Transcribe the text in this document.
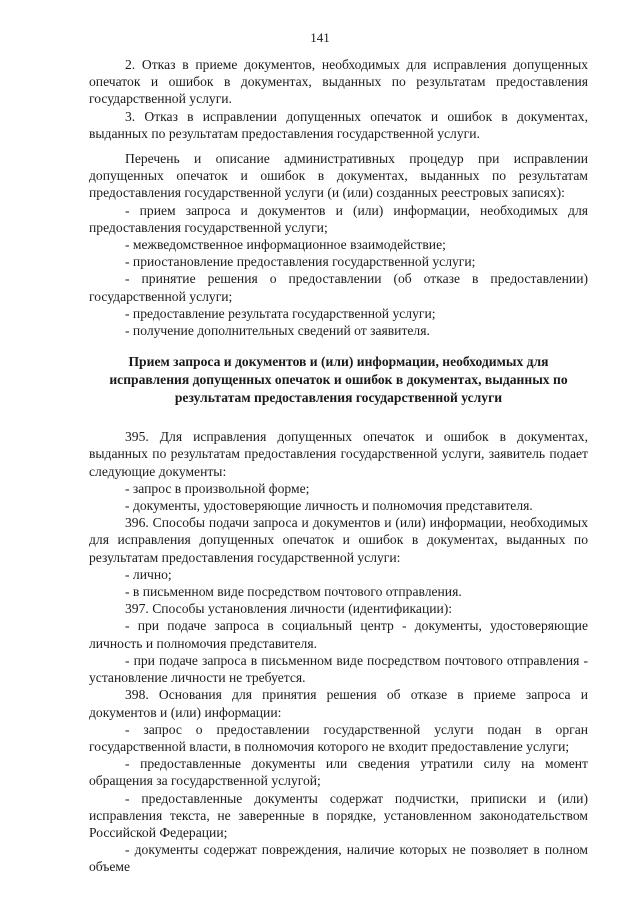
141

2. Отказ в приеме документов, необходимых для исправления допущенных опечаток и ошибок в документах, выданных по результатам предоставления государственной услуги.

3. Отказ в исправлении допущенных опечаток и ошибок в документах, выданных по результатам предоставления государственной услуги.

Перечень и описание административных процедур при исправлении допущенных опечаток и ошибок в документах, выданных по результатам предоставления государственной услуги (и (или) созданных реестровых записях):

- прием запроса и документов и (или) информации, необходимых для предоставления государственной услуги;

- межведомственное информационное взаимодействие;

- приостановление предоставления государственной услуги;

- принятие решения о предоставлении (об отказе в предоставлении) государственной услуги;

- предоставление результата государственной услуги;

- получение дополнительных сведений от заявителя.

Прием запроса и документов и (или) информации, необходимых для
исправления допущенных опечаток и ошибок в документах, выданных по
результатам предоставления государственной услуги

395. Для исправления допущенных опечаток и ошибок в документах, выданных по результатам предоставления государственной услуги, заявитель подает следующие документы:

- запрос в произвольной форме;

- документы, удостоверяющие личность и полномочия представителя.

396. Способы подачи запроса и документов и (или) информации, необходимых для исправления допущенных опечаток и ошибок в документах, выданных по результатам предоставления государственной услуги:

- лично;

- в письменном виде посредством почтового отправления.

397. Способы установления личности (идентификации):

- при подаче запроса в социальный центр - документы, удостоверяющие личность и полномочия представителя.

- при подаче запроса в письменном виде посредством почтового отправления - установление личности не требуется.

398. Основания для принятия решения об отказе в приеме запроса и документов и (или) информации:

- запрос о предоставлении государственной услуги подан в орган государственной власти, в полномочия которого не входит предоставление услуги;

- предоставленные документы или сведения утратили силу на момент обращения за государственной услугой;

- предоставленные документы содержат подчистки, приписки и (или) исправления текста, не заверенные в порядке, установленном законодательством Российской Федерации;

- документы содержат повреждения, наличие которых не позволяет в полном объеме
